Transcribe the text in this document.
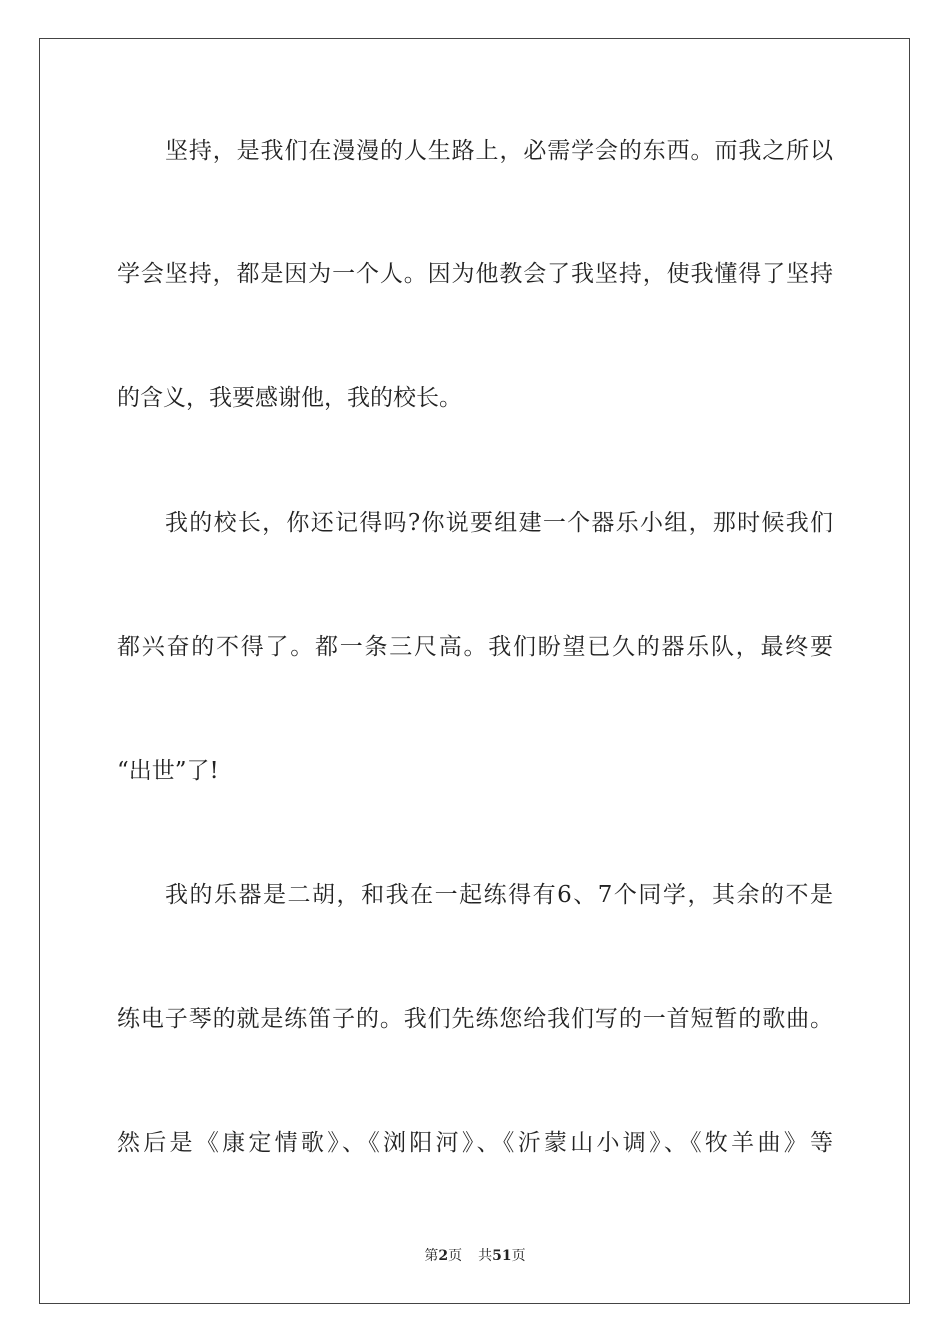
坚持，是我们在漫漫的人生路上，必需学会的东西。而我之所以

学会坚持，都是因为一个人。因为他教会了我坚持，使我懂得了坚持

的含义，我要感谢他，我的校长。

我的校长，你还记得吗?你说要组建一个器乐小组，那时候我们

都兴奋的不得了。都一条三尺高。我们盼望已久的器乐队，最终要

“出世”了!

我的乐器是二胡，和我在一起练得有6、7个同学，其余的不是

练电子琴的就是练笛子的。我们先练您给我们写的一首短暂的歌曲。

然后是《康定情歌》、《浏阳河》、《沂蒙山小调》、《牧羊曲》等

第2页 共51页
